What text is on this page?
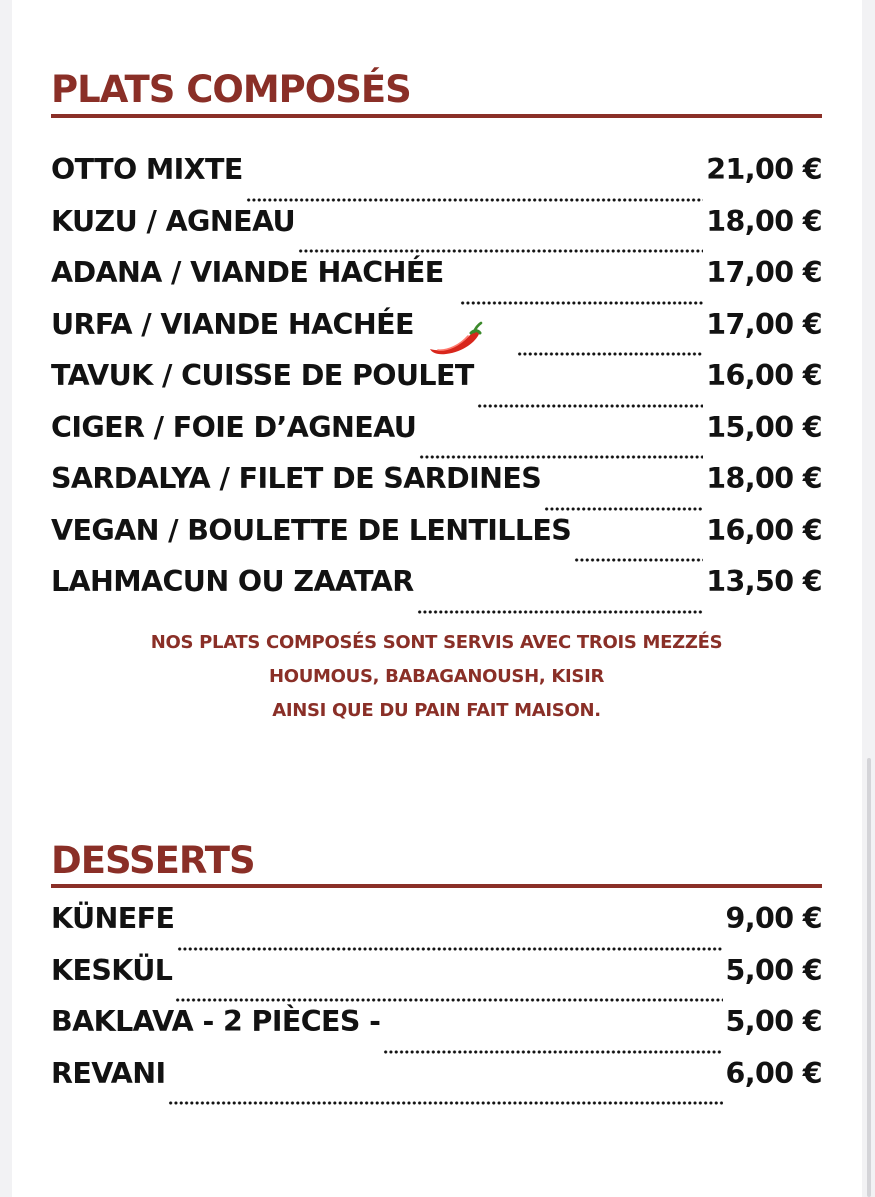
PLATS COMPOSÉS
OTTO MIXTE	21,00 €
KUZU / AGNEAU	18,00 €
ADANA / VIANDE HACHÉE	17,00 €
URFA / VIANDE HACHÉE	17,00 €
TAVUK / CUISSE DE POULET	16,00 €
CIGER / FOIE D’AGNEAU	15,00 €
SARDALYA / FILET DE SARDINES	18,00 €
VEGAN / BOULETTE DE LENTILLES	16,00 €
LAHMACUN OU ZAATAR	13,50 €

NOS PLATS COMPOSÉS SONT SERVIS AVEC TROIS MEZZÉS
HOUMOUS, BABAGANOUSH, KISIR
AINSI QUE DU PAIN FAIT MAISON.

DESSERTS
KÜNEFE	9,00 €
KESKÜL	5,00 €
BAKLAVA - 2 PIÈCES -	5,00 €
REVANI	6,00 €
